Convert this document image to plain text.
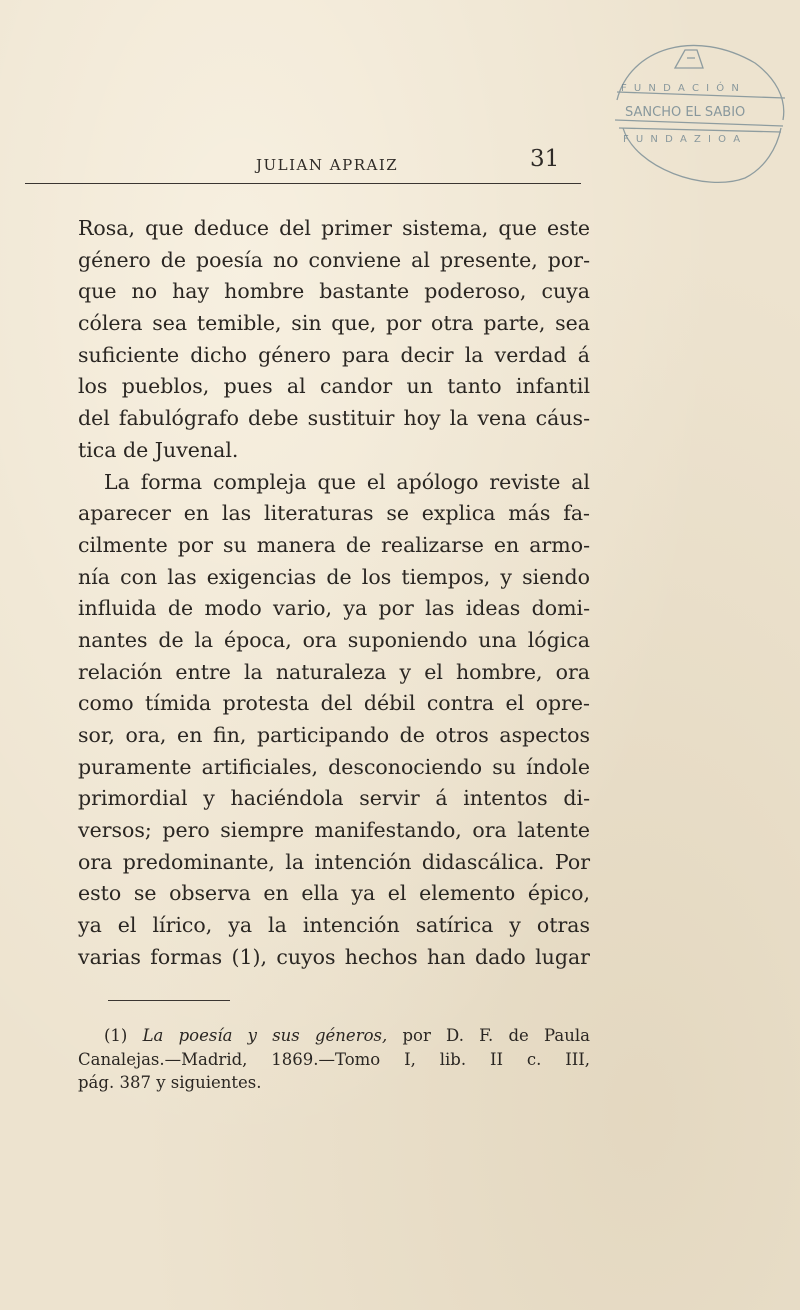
F U N D A C I Ó N
SANCHO EL SABIO
F U N D A Z I O A
JULIAN APRAIZ	31
Rosa, que deduce del primer sistema, que este
género de poesía no conviene al presente, por-
que no hay hombre bastante poderoso, cuya
cólera sea temible, sin que, por otra parte, sea
suficiente dicho género para decir la verdad á
los pueblos, pues al candor un tanto infantil
del fabulógrafo debe sustituir hoy la vena cáus-
tica de Juvenal.
La forma compleja que el apólogo reviste al
aparecer en las literaturas se explica más fa-
cilmente por su manera de realizarse en armo-
nía con las exigencias de los tiempos, y siendo
influida de modo vario, ya por las ideas domi-
nantes de la época, ora suponiendo una lógica
relación entre la naturaleza y el hombre, ora
como tímida protesta del débil contra el opre-
sor, ora, en fin, participando de otros aspectos
puramente artificiales, desconociendo su índole
primordial y haciéndola servir á intentos di-
versos; pero siempre manifestando, ora latente
ora predominante, la intención didascálica. Por
esto se observa en ella ya el elemento épico,
ya el lírico, ya la intención satírica y otras
varias formas (1), cuyos hechos han dado lugar
(1) La poesía y sus géneros, por D. F. de Paula
Canalejas.—Madrid, 1869.—Tomo I, lib. II c. III,
pág. 387 y siguientes.
